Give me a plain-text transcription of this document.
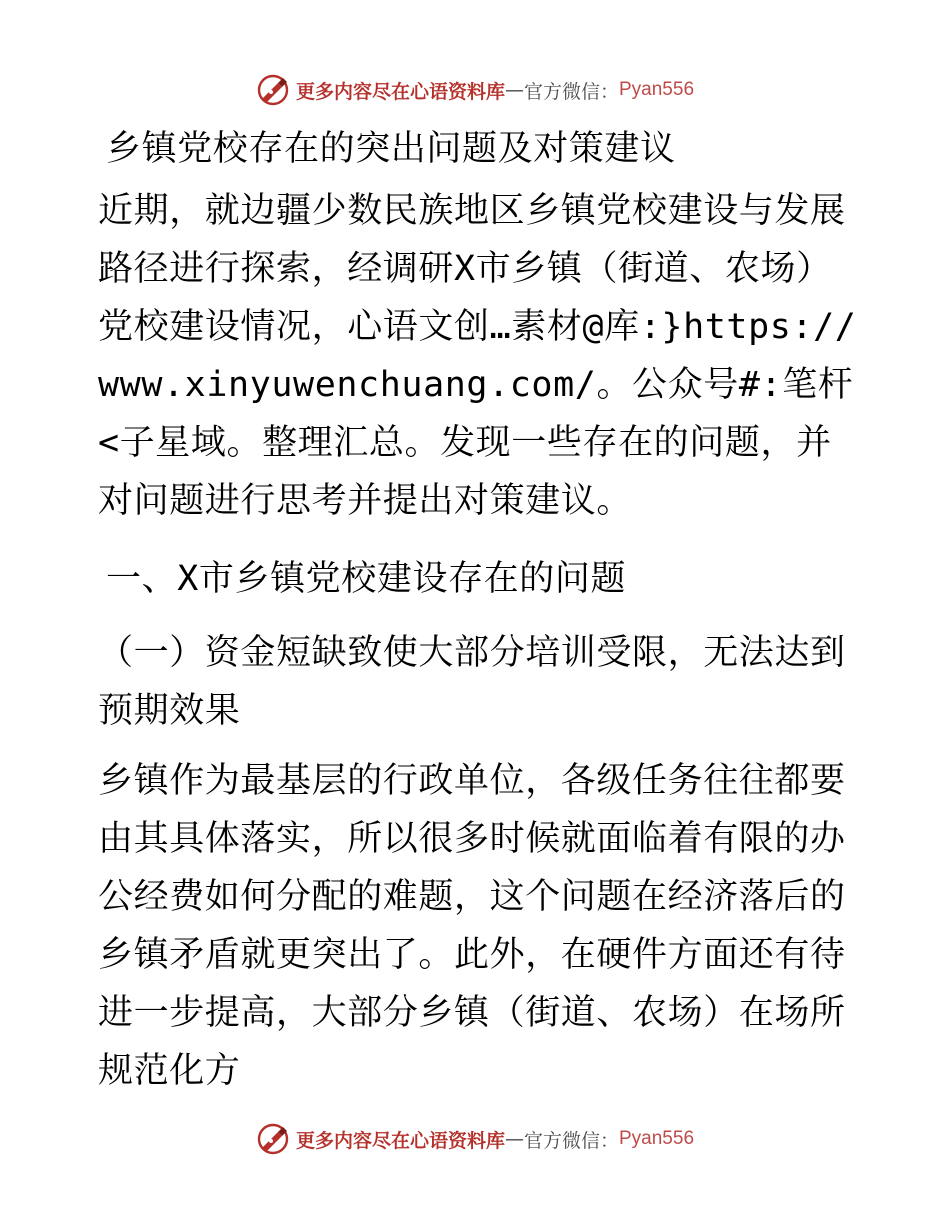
更多内容尽在心语资料库 — 官方微信： Pyan556

乡镇党校存在的突出问题及对策建议

近期，就边疆少数民族地区乡镇党校建设与发展路径进行探索，经调研X市乡镇（街道、农场）党校建设情况，心语文创…素材@库:}https://www.xinyuwenchuang.com/。公众号#:笔杆<子星域。整理汇总。发现一些存在的问题，并对问题进行思考并提出对策建议。

一、X市乡镇党校建设存在的问题

（一）资金短缺致使大部分培训受限，无法达到预期效果

乡镇作为最基层的行政单位，各级任务往往都要由其具体落实，所以很多时候就面临着有限的办公经费如何分配的难题，这个问题在经济落后的乡镇矛盾就更突出了。此外，在硬件方面还有待进一步提高，大部分乡镇（街道、农场）在场所规范化方

更多内容尽在心语资料库 — 官方微信： Pyan556
